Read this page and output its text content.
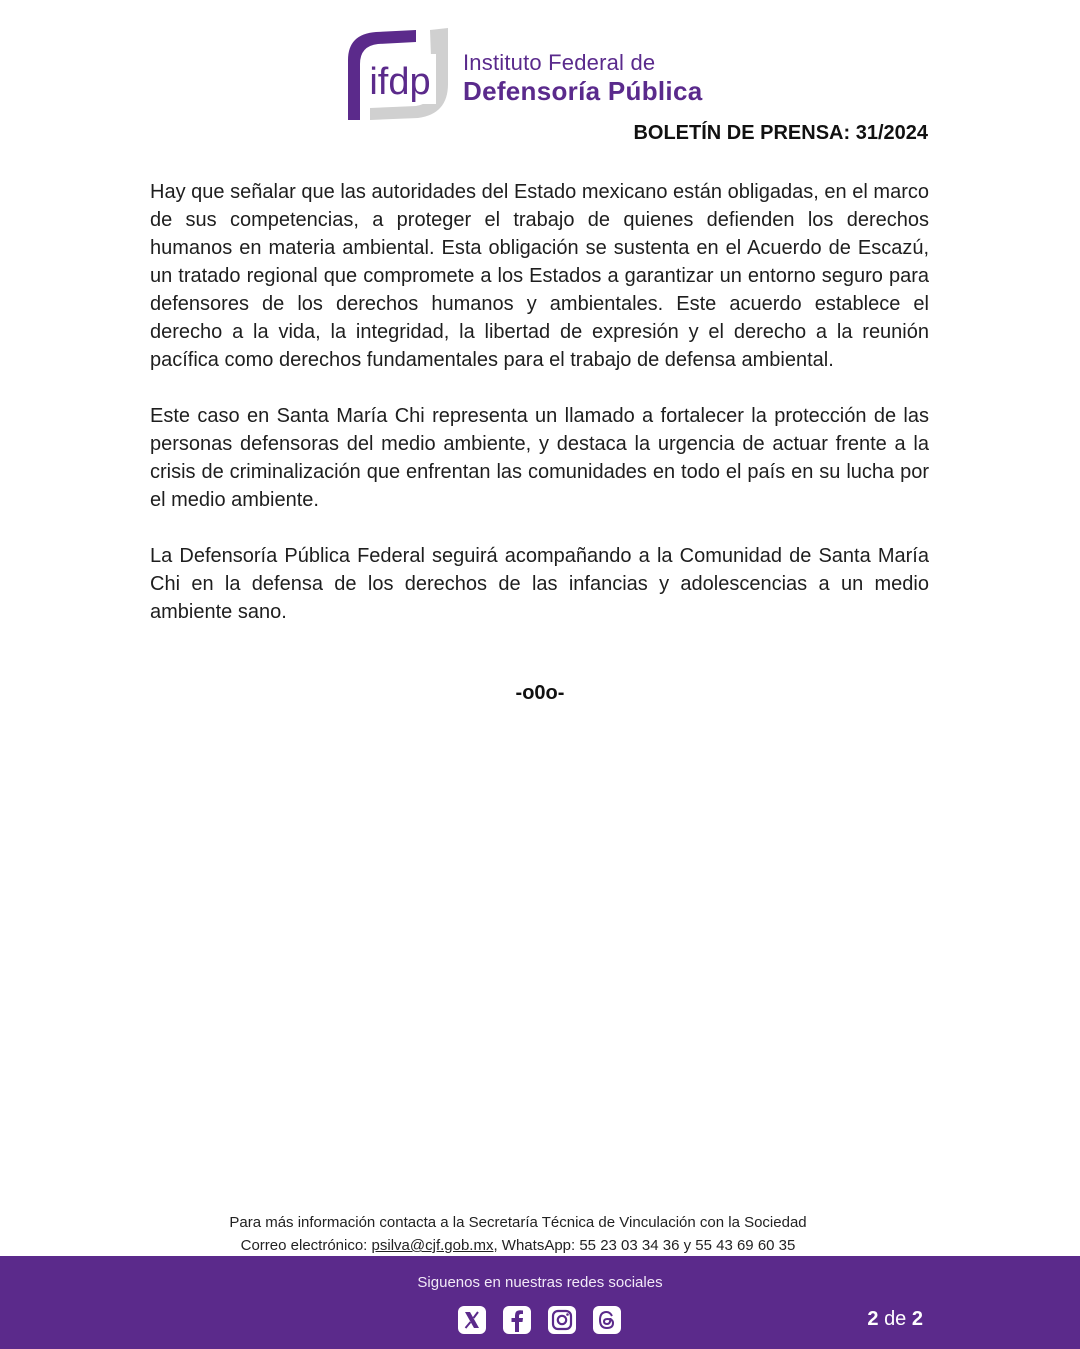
ifdp Instituto Federal de
Defensoría Pública
BOLETÍN DE PRENSA: 31/2024

Hay que señalar que las autoridades del Estado mexicano están obligadas, en el marco de sus competencias, a proteger el trabajo de quienes defienden los derechos humanos en materia ambiental. Esta obligación se sustenta en el Acuerdo de Escazú, un tratado regional que compromete a los Estados a garantizar un entorno seguro para defensores de los derechos humanos y ambientales. Este acuerdo establece el derecho a la vida, la integridad, la libertad de expresión y el derecho a la reunión pacífica como derechos fundamentales para el trabajo de defensa ambiental.

Este caso en Santa María Chi representa un llamado a fortalecer la protección de las personas defensoras del medio ambiente, y destaca la urgencia de actuar frente a la crisis de criminalización que enfrentan las comunidades en todo el país en su lucha por el medio ambiente.

La Defensoría Pública Federal seguirá acompañando a la Comunidad de Santa María Chi en la defensa de los derechos de las infancias y adolescencias a un medio ambiente sano.

-o0o-
Para más información contacta a la Secretaría Técnica de Vinculación con la Sociedad
Correo electrónico: psilva@cjf.gob.mx, WhatsApp: 55 23 03 34 36 y 55 43 69 60 35
Siguenos en nuestras redes sociales
2 de 2
